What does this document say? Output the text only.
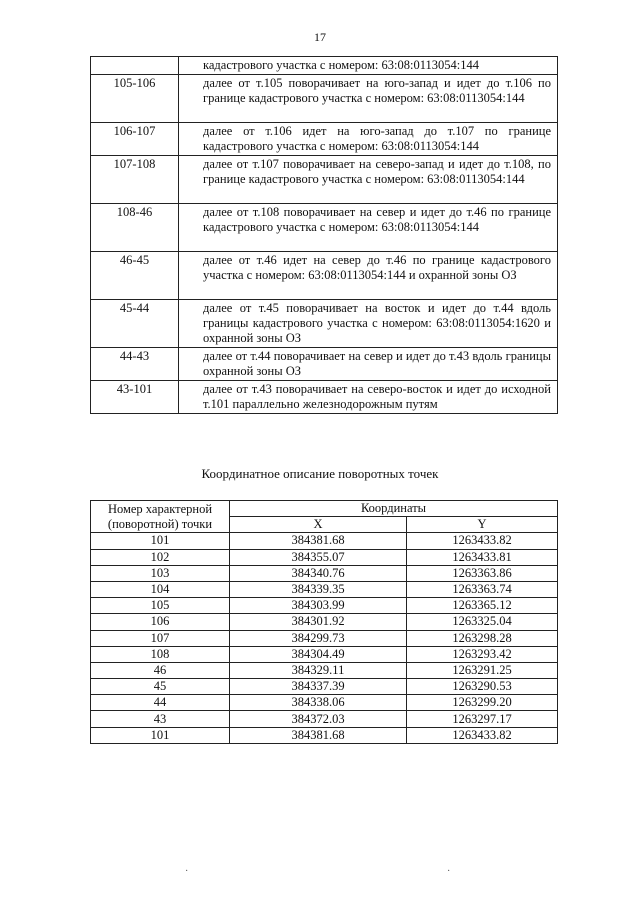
17
	кадастрового участка с номером: 63:08:0113054:144
105-106	далее от т.105 поворачивает на юго-запад и идет до т.106 по границе кадастрового участка с номером: 63:08:0113054:144
106-107	далее от т.106 идет на юго-запад до т.107 по границе кадастрового участка с номером: 63:08:0113054:144
107-108	далее от т.107 поворачивает на северо-запад и идет до т.108, по границе кадастрового участка с номером: 63:08:0113054:144
108-46	далее от т.108 поворачивает на север и идет до т.46 по границе кадастрового участка с номером: 63:08:0113054:144
46-45	далее от т.46 идет на север до т.46 по границе кадастрового участка с номером: 63:08:0113054:144 и охранной зоны ОЗ
45-44	далее от т.45 поворачивает на восток и идет до т.44 вдоль границы кадастрового участка с номером: 63:08:0113054:1620 и охранной зоны ОЗ
44-43	далее от т.44 поворачивает на север и идет до т.43 вдоль границы охранной зоны ОЗ
43-101	далее от т.43 поворачивает на северо-восток и идет до исходной т.101 параллельно железнодорожным путям
Координатное описание поворотных точек
Номер характерной
(поворотной) точки	Координаты	
	X	Y
101	384381.68	1263433.82
102	384355.07	1263433.81
103	384340.76	1263363.86
104	384339.35	1263363.74
105	384303.99	1263365.12
106	384301.92	1263325.04
107	384299.73	1263298.28
108	384304.49	1263293.42
46	384329.11	1263291.25
45	384337.39	1263290.53
44	384338.06	1263299.20
43	384372.03	1263297.17
101	384381.68	1263433.82
·	·
